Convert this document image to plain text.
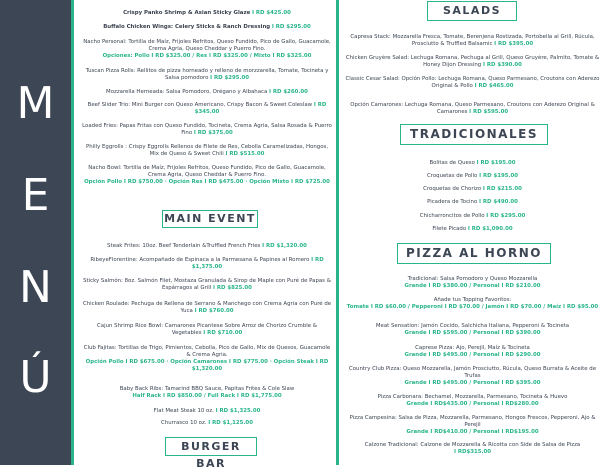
M
E
N
Ú
Crispy Panko Shrimp & Asian Sticky Glaze I RD $425.00
Buffalo Chicken Wings: Celery Sticks & Ranch Dressing I RD $295.00
Nacho Personal: Tortilla de Maíz, Frijoles Refritos, Queso Fundido, Pico de Gallo, Guacamole, Crema Agria, Queso Cheddar y Puerro Fino.
Opciones: Pollo I RD $325.00 / Res I RD $325.00 / Mixto I RD $325.00
Tuscan Pizza Rolls: Rellitos de pizza horneado y relleno de morzzarella, Tomate, Tocineta y Salsa pomodoro I RD $295.00
Mozzarella Herneada: Salsa Pomodoro, Orégano y Albahaca I RD $260.00
Beef Slider Trio: Mini Burger con Queso Americano, Crispy Bacon & Sweet Coleslaw I RD $345.00
Loaded Fries: Papas Fritas con Queso Fundido, Tocineta, Crema Agria, Salsa Rosada & Puerro Fino I RD $375.00
Philly Eggrolls : Crispy Eggrolls Rellenos de Filete de Res, Cebolla Caramelizadas, Hongos, Mix de Queso & Sweet Chili I RD $515.00
Nacho Bowl: Tortilla de Maíz, Frijoles Refritos, Queso Fundido, Pico de Gallo, Guacamole, Crema Agria, Queso Cheddar & Puerro Fino.
Opción Pollo I RD $750.00 · Opción Res I RD $475.00 · Opción Mixto I RD $725.00
MAIN EVENT
Steak Frites: 10oz. Beef Tenderlain &Truffled French Fries I RD $1,320.00
RibeyeFlorentine: Acompañado de Espinaca a la Parmesana & Papines al Romero I RD $1,375.00
Sticky Salmón: 8oz. Salmón Filet, Mostaza Granulada & Sirop de Maple con Puré de Papas & Espárragos al Grill I RD $825.00
Chicken Roulade: Pechuga de Rellena de Serrano & Manchego con Crema Agria con Puré de Yuca I RD $760.00
Cajun Shrimp Rice Bowl: Camarones Picantese Sobre Arroz de Chorizo Crumble & Vegetables I RD $710.00
Club Fajitas: Tortillas de Trigo, Pimientos, Cebolla, Pico de Gallo, Mix de Quesos, Guacamole & Crema Agria.
Opción Pollo I RD $675.00 · Opción Camarones I RD $775.00 · Opción Steak I RD $1,320.00
Baby Back Ribs: Tamarind BBQ Sauce, Papitas Frites & Cole Slaw
Half Rack I RD $850.00 / Full Rack I RD $1,775.00
Flat Meat Steak 10 oz. I RD $1,325.00
Churrasco 10 oz. I RD $1,125.00
BURGER BAR
SALADS
Capresa Stack: Mozzarella Fresca, Tomate, Berenjena Rostizada, Portobella al Grill, Rúcula, Prosciutto & Truffled Balsamic I RD $395.00
Chicken Gruyère Salad: Lechuga Romana, Pechuga al Grill, Queso Gruyère, Palmito, Tomate & Honey Dijon Dressing I RD $390.00
Classic Cesar Salad: Opción Pollo: Lechuga Romana, Queso Parmesano, Croutons con Aderezo Original & Pollo I RD $465.00
Opción Camarones: Lechuga Romana, Queso Parmesano, Croutons con Aderezo Original & Camarones I RD $595.00
TRADICIONALES
Bolitas de Queso I RD $195.00
Croquetas de Pollo I RD $195.00
Croquetas de Chorizo I RD $215.00
Picadera de Tocino I RD $490.00
Chicharroncitos de Pollo I RD $295.00
Filete Picado I RD $1,090.00
PIZZA AL HORNO
Tradicional: Salsa Pomodoro y Queso Mozzarella
Grande I RD $380.00 / Personal I RD $210.00
Añade tus Topping Favoritos:
Tomate I RD $60.00 / Pepperoni I RD $70.00 / Jamón I RD $70.00 / Maíz I RD $95.00
Meat Sensation: Jamón Cocido, Salchicha Italiana, Pepperoni & Tocineta
Grande I RD $595.00 / Personal I RD $390.00
Caprese Pizza: Ajo, Perejil, Maíz & Tocineta
Grande I RD $495.00 / Personal I RD $290.00
Country Club Pizza: Queso Mozzarella, Jamón Prosciutto, Rúcula, Queso Burrata & Aceite de Trufas
Grande I RD $495.00 / Personal I RD $395.00
Pizza Carbonara: Bechamel, Mozzarella, Parmesano, Tocineta & Huevo
Grande I RD$435.00 / Personal I RD$280.00
Pizza Campesina: Salsa de Pizza, Mozzarella, Parmesano, Hongos Frescos, Pepperoni, Ajo & Perejil
Grande I RD$410.00 / Personal I RD$195.00
Calzone Tradicional: Calzone de Mozzarella & Ricotta con Side de Salsa de Pizza
I RD$315.00
